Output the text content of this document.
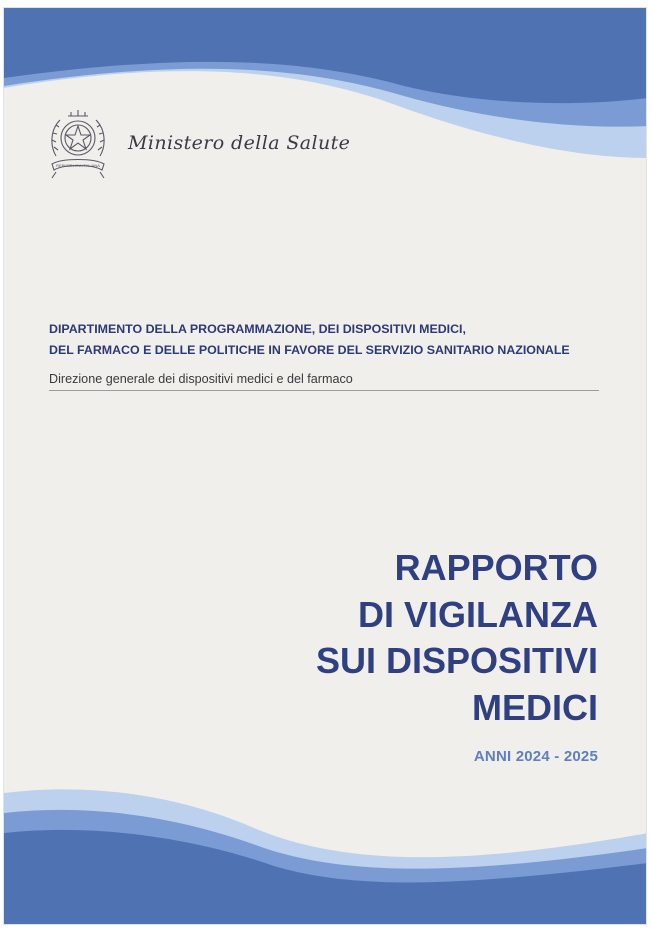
REPUBBLICA ITALIANA
Ministero della Salute
DIPARTIMENTO DELLA PROGRAMMAZIONE, DEI DISPOSITIVI MEDICI,
DEL FARMACO E DELLE POLITICHE IN FAVORE DEL SERVIZIO SANITARIO NAZIONALE
Direzione generale dei dispositivi medici e del farmaco
RAPPORTO
DI VIGILANZA
SUI DISPOSITIVI
MEDICI
ANNI 2024 - 2025
